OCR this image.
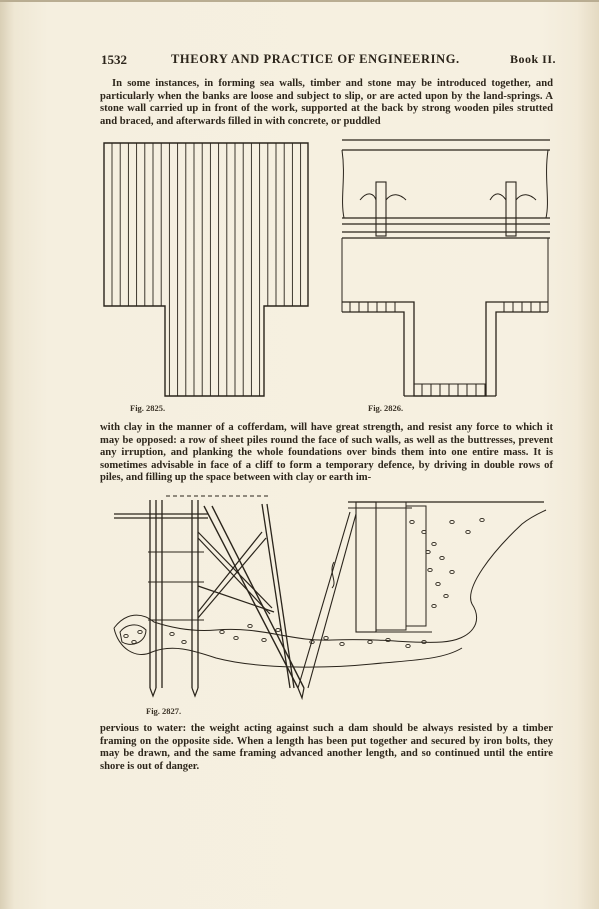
1532	THEORY AND PRACTICE OF ENGINEERING.	Book II.
In some instances, in forming sea walls, timber and stone may be introduced together, and particularly when the banks are loose and subject to slip, or are acted upon by the land-springs. A stone wall carried up in front of the work, supported at the back by strong wooden piles strutted and braced, and afterwards filled in with concrete, or puddled
Fig. 2825.	Fig. 2826.
with clay in the manner of a cofferdam, will have great strength, and resist any force to which it may be opposed: a row of sheet piles round the face of such walls, as well as the buttresses, prevent any irruption, and planking the whole foundations over binds them into one entire mass. It is sometimes advisable in face of a cliff to form a temporary defence, by driving in double rows of piles, and filling up the space between with clay or earth im-
Fig. 2827.
pervious to water: the weight acting against such a dam should be always resisted by a timber framing on the opposite side. When a length has been put together and secured by iron bolts, they may be drawn, and the same framing advanced another length, and so continued until the entire shore is out of danger.
